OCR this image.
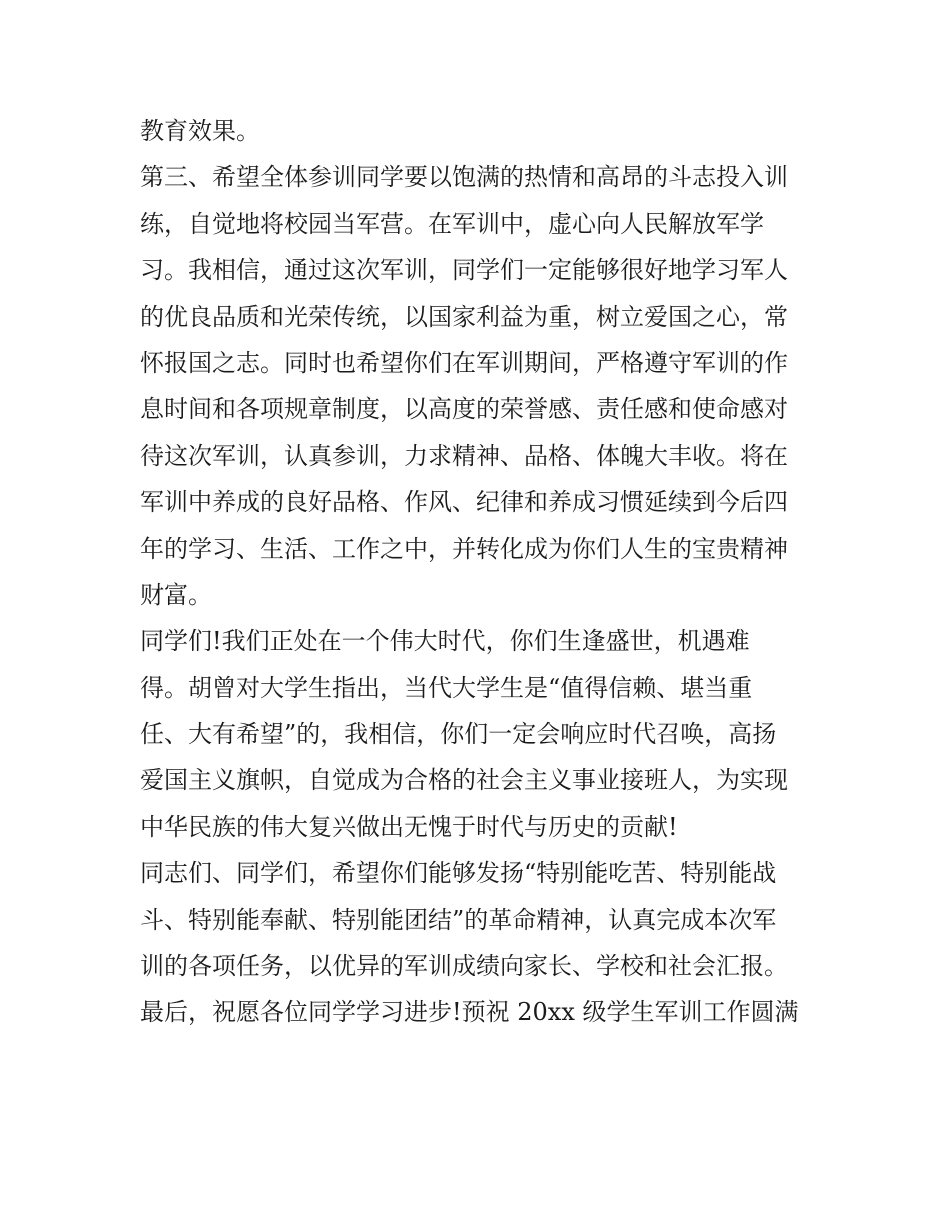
教育效果。
第三、希望全体参训同学要以饱满的热情和高昂的斗志投入训
练，自觉地将校园当军营。在军训中，虚心向人民解放军学
习。我相信，通过这次军训，同学们一定能够很好地学习军人
的优良品质和光荣传统，以国家利益为重，树立爱国之心，常
怀报国之志。同时也希望你们在军训期间，严格遵守军训的作
息时间和各项规章制度，以高度的荣誉感、责任感和使命感对
待这次军训，认真参训，力求精神、品格、体魄大丰收。将在
军训中养成的良好品格、作风、纪律和养成习惯延续到今后四
年的学习、生活、工作之中，并转化成为你们人生的宝贵精神
财富。
同学们!我们正处在一个伟大时代，你们生逢盛世，机遇难
得。胡曾对大学生指出，当代大学生是“值得信赖、堪当重
任、大有希望”的，我相信，你们一定会响应时代召唤，高扬
爱国主义旗帜，自觉成为合格的社会主义事业接班人，为实现
中华民族的伟大复兴做出无愧于时代与历史的贡献!
同志们、同学们，希望你们能够发扬“特别能吃苦、特别能战
斗、特别能奉献、特别能团结”的革命精神，认真完成本次军
训的各项任务，以优异的军训成绩向家长、学校和社会汇报。
最后，祝愿各位同学学习进步!预祝 20xx 级学生军训工作圆满
